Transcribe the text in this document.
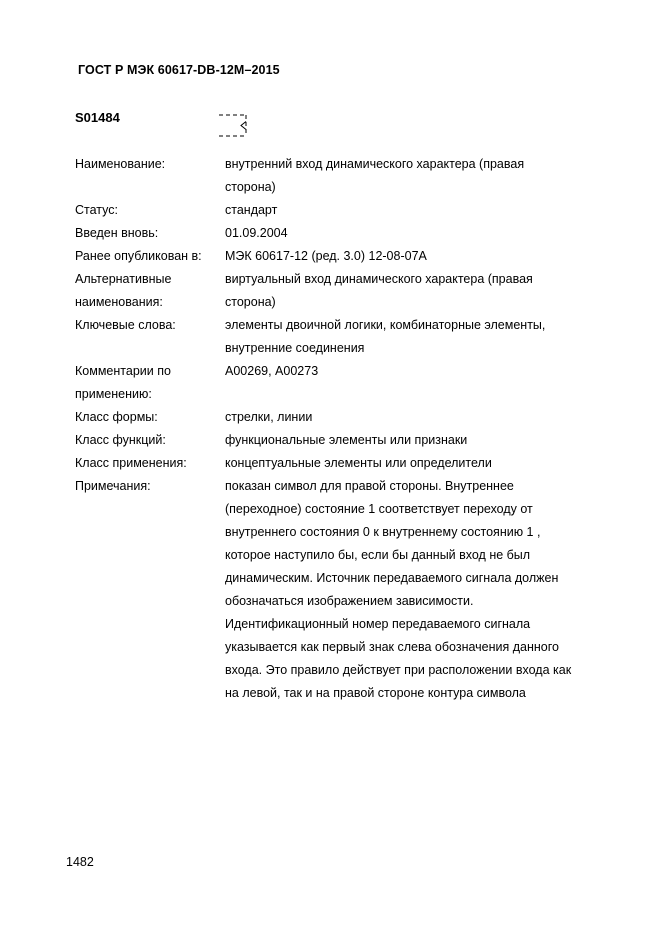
ГОСТ Р МЭК 60617-DB-12M–2015
S01484
Наименование:	внутренний вход динамического характера (правая сторона)
Статус:	стандарт
Введен вновь:	01.09.2004
Ранее опубликован в:	МЭК 60617-12 (ред. 3.0) 12-08-07А
Альтернативные наименования:
виртуальный вход динамического характера (правая сторона)
Ключевые слова:	элементы двоичной логики, комбинаторные элементы, внутренние соединения
Комментарии по применению:
А00269, А00273
Класс формы:	стрелки, линии
Класс функций:	функциональные элементы или признаки
Класс применения:	концептуальные элементы или определители
Примечания:	показан символ для правой стороны. Внутреннее (переходное) состояние 1 соответствует переходу от внутреннего состояния 0 к внутреннему состоянию 1 , которое наступило бы, если бы данный вход не был динамическим. Источник передаваемого сигнала должен обозначаться изображением зависимости. Идентификационный номер передаваемого сигнала указывается как первый знак слева обозначения данного входа. Это правило действует при расположении входа как на левой, так и на правой стороне контура символа
1482
